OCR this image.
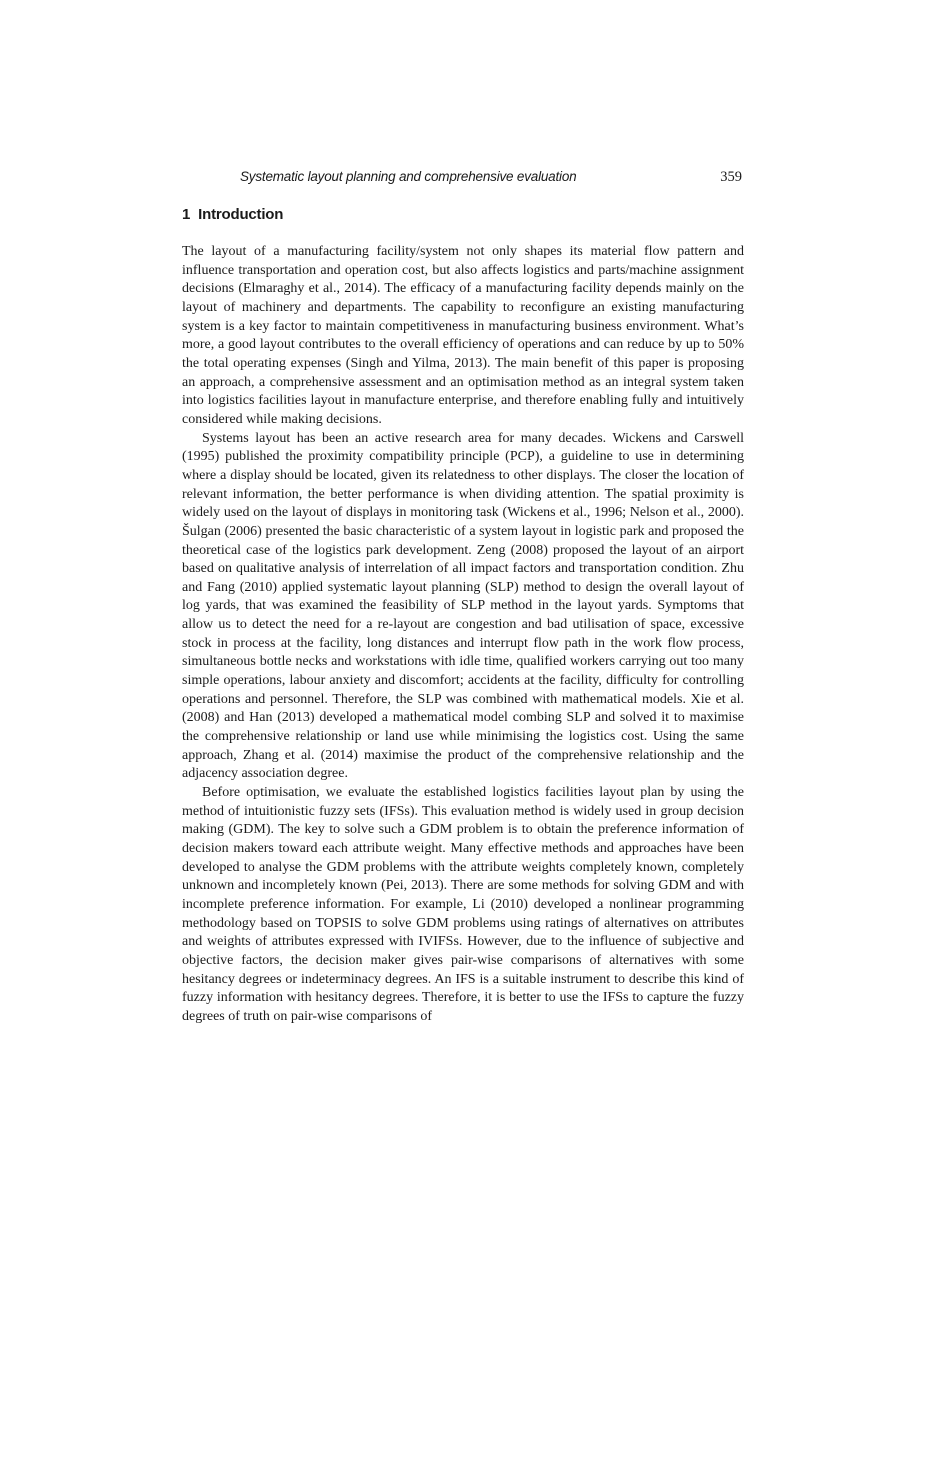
Systematic layout planning and comprehensive evaluation	359
1 Introduction

The layout of a manufacturing facility/system not only shapes its material flow pattern and influence transportation and operation cost, but also affects logistics and parts/machine assignment decisions (Elmaraghy et al., 2014). The efficacy of a manufacturing facility depends mainly on the layout of machinery and departments. The capability to reconfigure an existing manufacturing system is a key factor to maintain competitiveness in manufacturing business environment. What’s more, a good layout contributes to the overall efficiency of operations and can reduce by up to 50% the total operating expenses (Singh and Yilma, 2013). The main benefit of this paper is proposing an approach, a comprehensive assessment and an optimisation method as an integral system taken into logistics facilities layout in manufacture enterprise, and therefore enabling fully and intuitively considered while making decisions.

Systems layout has been an active research area for many decades. Wickens and Carswell (1995) published the proximity compatibility principle (PCP), a guideline to use in determining where a display should be located, given its relatedness to other displays. The closer the location of relevant information, the better performance is when dividing attention. The spatial proximity is widely used on the layout of displays in monitoring task (Wickens et al., 1996; Nelson et al., 2000). Šulgan (2006) presented the basic characteristic of a system layout in logistic park and proposed the theoretical case of the logistics park development. Zeng (2008) proposed the layout of an airport based on qualitative analysis of interrelation of all impact factors and transportation condition. Zhu and Fang (2010) applied systematic layout planning (SLP) method to design the overall layout of log yards, that was examined the feasibility of SLP method in the layout yards. Symptoms that allow us to detect the need for a re-layout are congestion and bad utilisation of space, excessive stock in process at the facility, long distances and interrupt flow path in the work flow process, simultaneous bottle necks and workstations with idle time, qualified workers carrying out too many simple operations, labour anxiety and discomfort; accidents at the facility, difficulty for controlling operations and personnel. Therefore, the SLP was combined with mathematical models. Xie et al. (2008) and Han (2013) developed a mathematical model combing SLP and solved it to maximise the comprehensive relationship or land use while minimising the logistics cost. Using the same approach, Zhang et al. (2014) maximise the product of the comprehensive relationship and the adjacency association degree.

Before optimisation, we evaluate the established logistics facilities layout plan by using the method of intuitionistic fuzzy sets (IFSs). This evaluation method is widely used in group decision making (GDM). The key to solve such a GDM problem is to obtain the preference information of decision makers toward each attribute weight. Many effective methods and approaches have been developed to analyse the GDM problems with the attribute weights completely known, completely unknown and incompletely known (Pei, 2013). There are some methods for solving GDM and with incomplete preference information. For example, Li (2010) developed a nonlinear programming methodology based on TOPSIS to solve GDM problems using ratings of alternatives on attributes and weights of attributes expressed with IVIFSs. However, due to the influence of subjective and objective factors, the decision maker gives pair-wise comparisons of alternatives with some hesitancy degrees or indeterminacy degrees. An IFS is a suitable instrument to describe this kind of fuzzy information with hesitancy degrees. Therefore, it is better to use the IFSs to capture the fuzzy degrees of truth on pair-wise comparisons of
